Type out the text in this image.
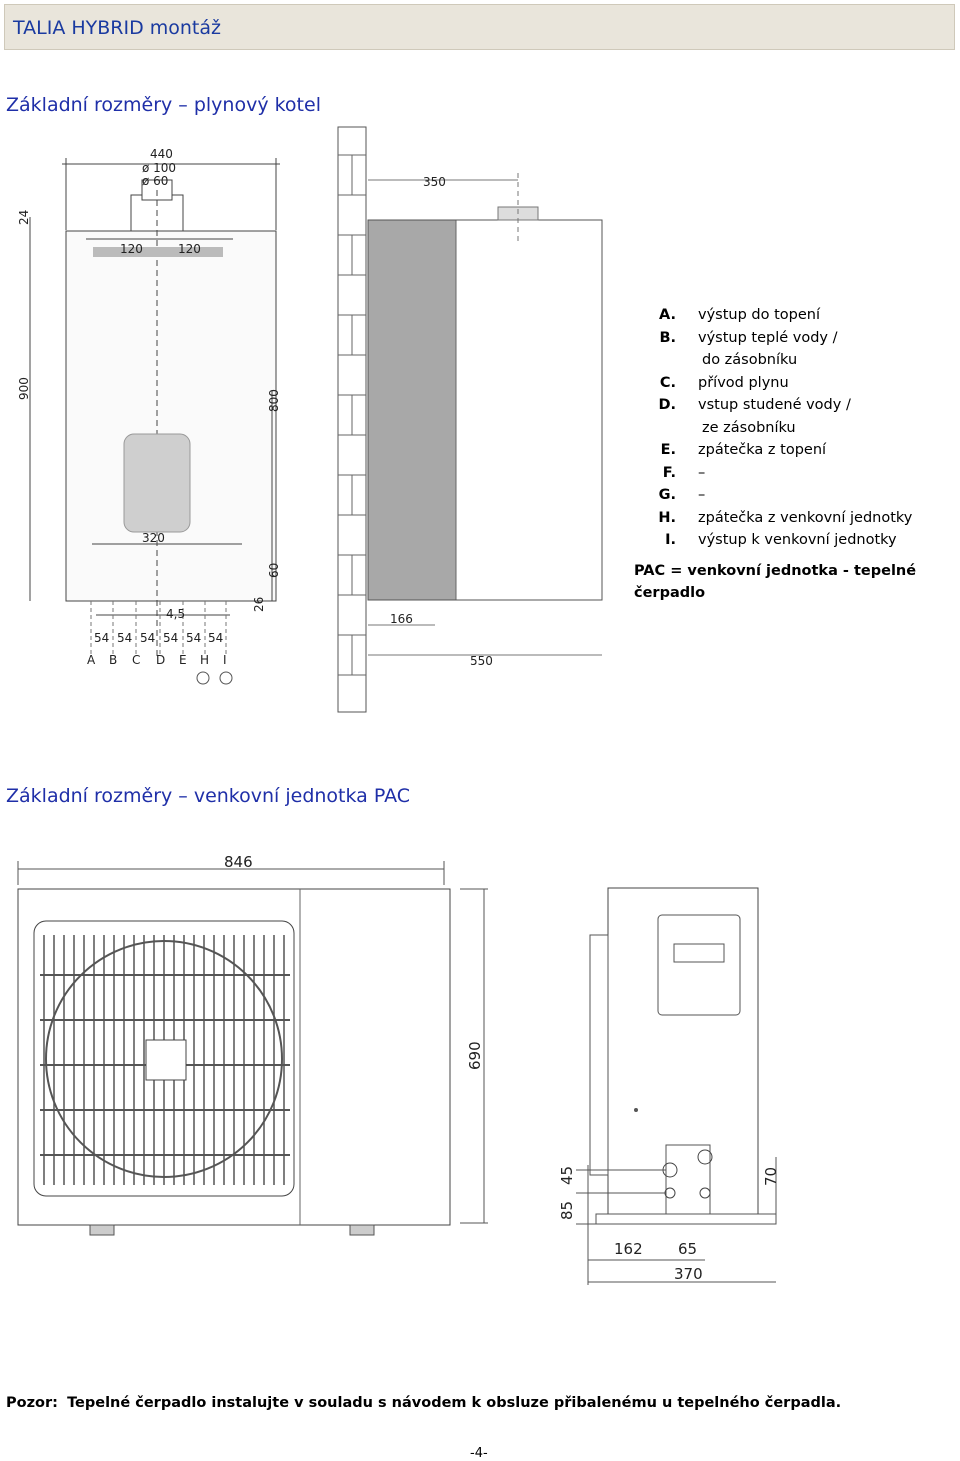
TALIA HYBRID montáž
Základní rozměry – plynový kotel
440
ø 100
ø 60
120	120
24
900
800
320
60
26
4,5
54 54 54 54 54 54
A B C D E H I
350
166
550
A. výstup do topení
B. výstup teplé vody /
do zásobníku
C. přívod plynu
D. vstup studené vody /
ze zásobníku
E. zpátečka z topení
F. –
G. –
H. zpátečka z venkovní jednotky
I. výstup k venkovní jednotky
PAC = venkovní jednotka - tepelné čerpadlo
Základní rozměry – venkovní jednotka PAC
846
690
45
85
70
162 65
370
Pozor: Tepelné čerpadlo instalujte v souladu s návodem k obsluze přibalenému u tepelného čerpadla.
-4-
